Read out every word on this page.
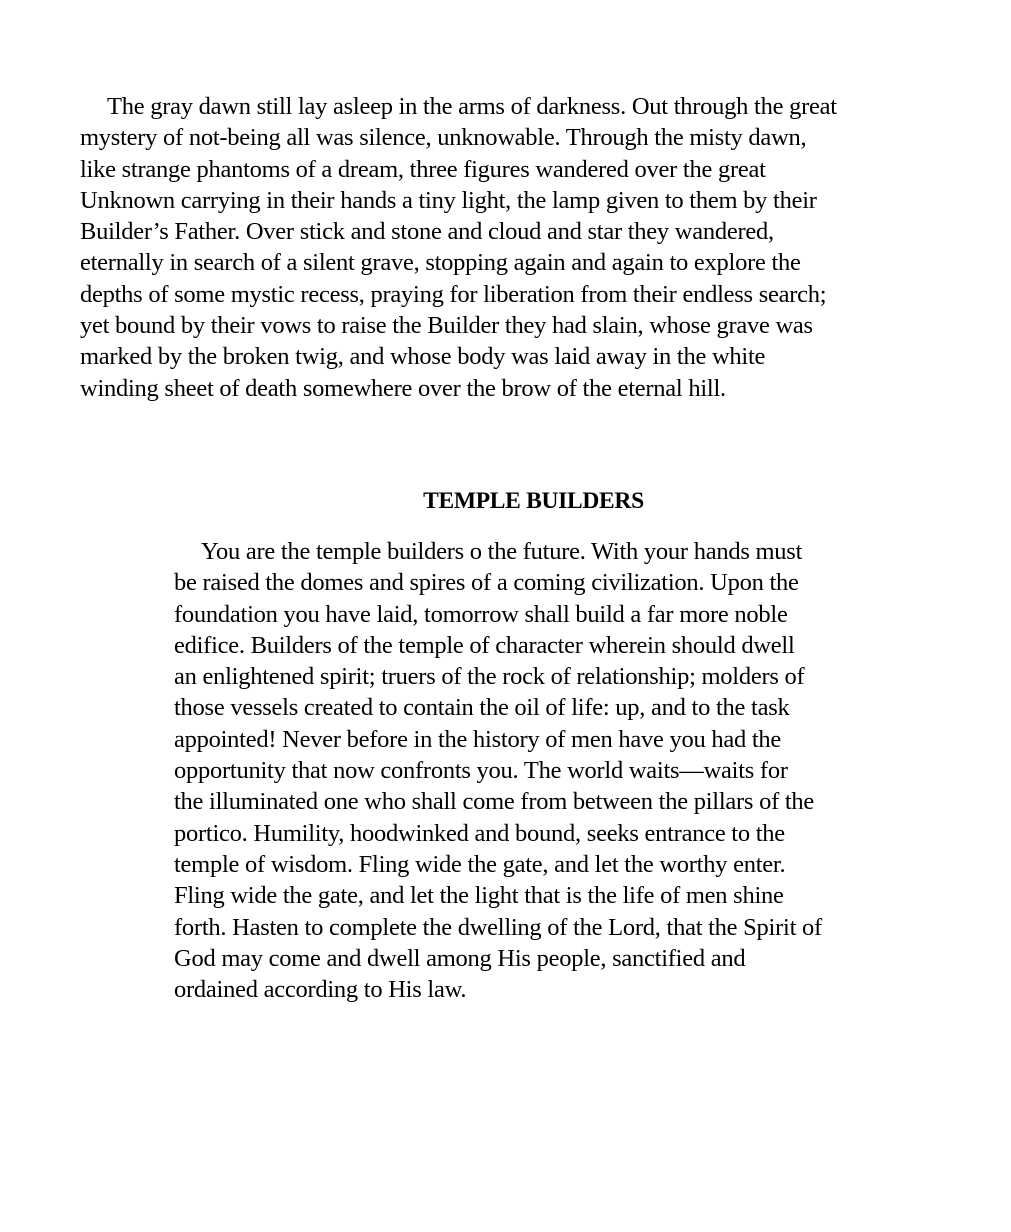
The gray dawn still lay asleep in the arms of darkness. Out through the great
mystery of not-being all was silence, unknowable. Through the misty dawn,
like strange phantoms of a dream, three figures wandered over the great
Unknown carrying in their hands a tiny light, the lamp given to them by their
Builder’s Father. Over stick and stone and cloud and star they wandered,
eternally in search of a silent grave, stopping again and again to explore the
depths of some mystic recess, praying for liberation from their endless search;
yet bound by their vows to raise the Builder they had slain, whose grave was
marked by the broken twig, and whose body was laid away in the white
winding sheet of death somewhere over the brow of the eternal hill.
TEMPLE BUILDERS
You are the temple builders o the future. With your hands must
be raised the domes and spires of a coming civilization. Upon the
foundation you have laid, tomorrow shall build a far more noble
edifice. Builders of the temple of character wherein should dwell
an enlightened spirit; truers of the rock of relationship; molders of
those vessels created to contain the oil of life: up, and to the task
appointed! Never before in the history of men have you had the
opportunity that now confronts you. The world waits—waits for
the illuminated one who shall come from between the pillars of the
portico. Humility, hoodwinked and bound, seeks entrance to the
temple of wisdom. Fling wide the gate, and let the worthy enter.
Fling wide the gate, and let the light that is the life of men shine
forth. Hasten to complete the dwelling of the Lord, that the Spirit of
God may come and dwell among His people, sanctified and
ordained according to His law.
